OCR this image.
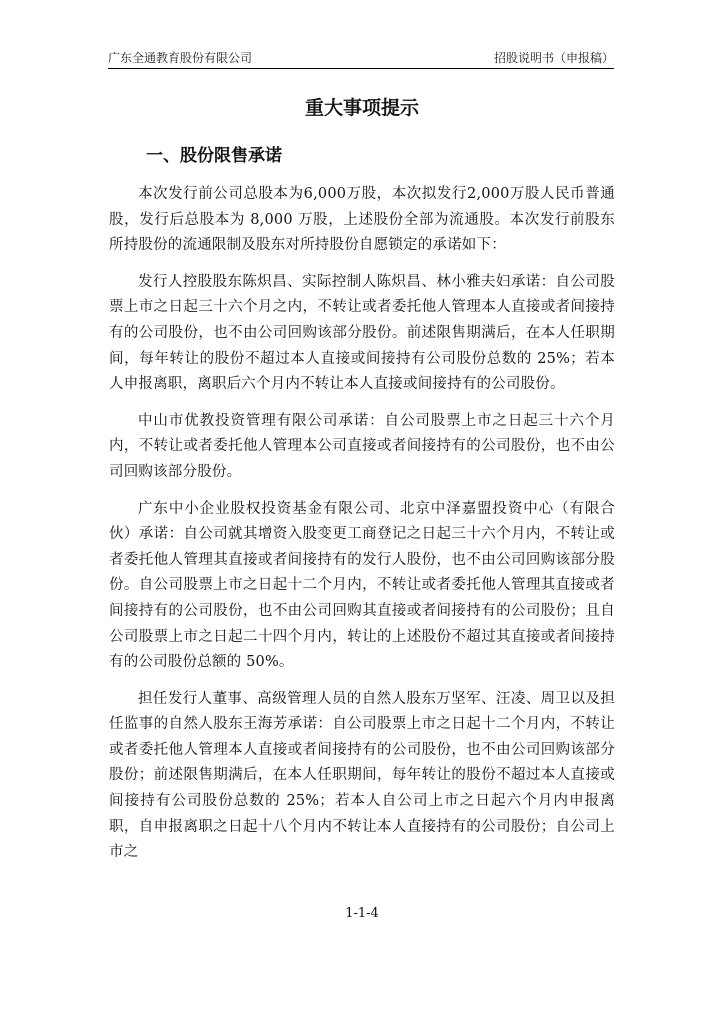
广东全通教育股份有限公司	招股说明书（申报稿）
重大事项提示
一、股份限售承诺

本次发行前公司总股本为6,000万股，本次拟发行2,000万股人民币普通股，发行后总股本为 8,000 万股，上述股份全部为流通股。本次发行前股东所持股份的流通限制及股东对所持股份自愿锁定的承诺如下：

发行人控股股东陈炽昌、实际控制人陈炽昌、林小雅夫妇承诺：自公司股票上市之日起三十六个月之内，不转让或者委托他人管理本人直接或者间接持有的公司股份，也不由公司回购该部分股份。前述限售期满后，在本人任职期间，每年转让的股份不超过本人直接或间接持有公司股份总数的 25%；若本人申报离职，离职后六个月内不转让本人直接或间接持有的公司股份。

中山市优教投资管理有限公司承诺：自公司股票上市之日起三十六个月内，不转让或者委托他人管理本公司直接或者间接持有的公司股份，也不由公司回购该部分股份。

广东中小企业股权投资基金有限公司、北京中泽嘉盟投资中心（有限合伙）承诺：自公司就其增资入股变更工商登记之日起三十六个月内，不转让或者委托他人管理其直接或者间接持有的发行人股份，也不由公司回购该部分股份。自公司股票上市之日起十二个月内，不转让或者委托他人管理其直接或者间接持有的公司股份，也不由公司回购其直接或者间接持有的公司股份；且自公司股票上市之日起二十四个月内，转让的上述股份不超过其直接或者间接持有的公司股份总额的 50%。

担任发行人董事、高级管理人员的自然人股东万坚军、汪凌、周卫以及担任监事的自然人股东王海芳承诺：自公司股票上市之日起十二个月内，不转让或者委托他人管理本人直接或者间接持有的公司股份，也不由公司回购该部分股份；前述限售期满后，在本人任职期间，每年转让的股份不超过本人直接或间接持有公司股份总数的 25%；若本人自公司上市之日起六个月内申报离职，自申报离职之日起十八个月内不转让本人直接持有的公司股份；自公司上市之

1-1-4
